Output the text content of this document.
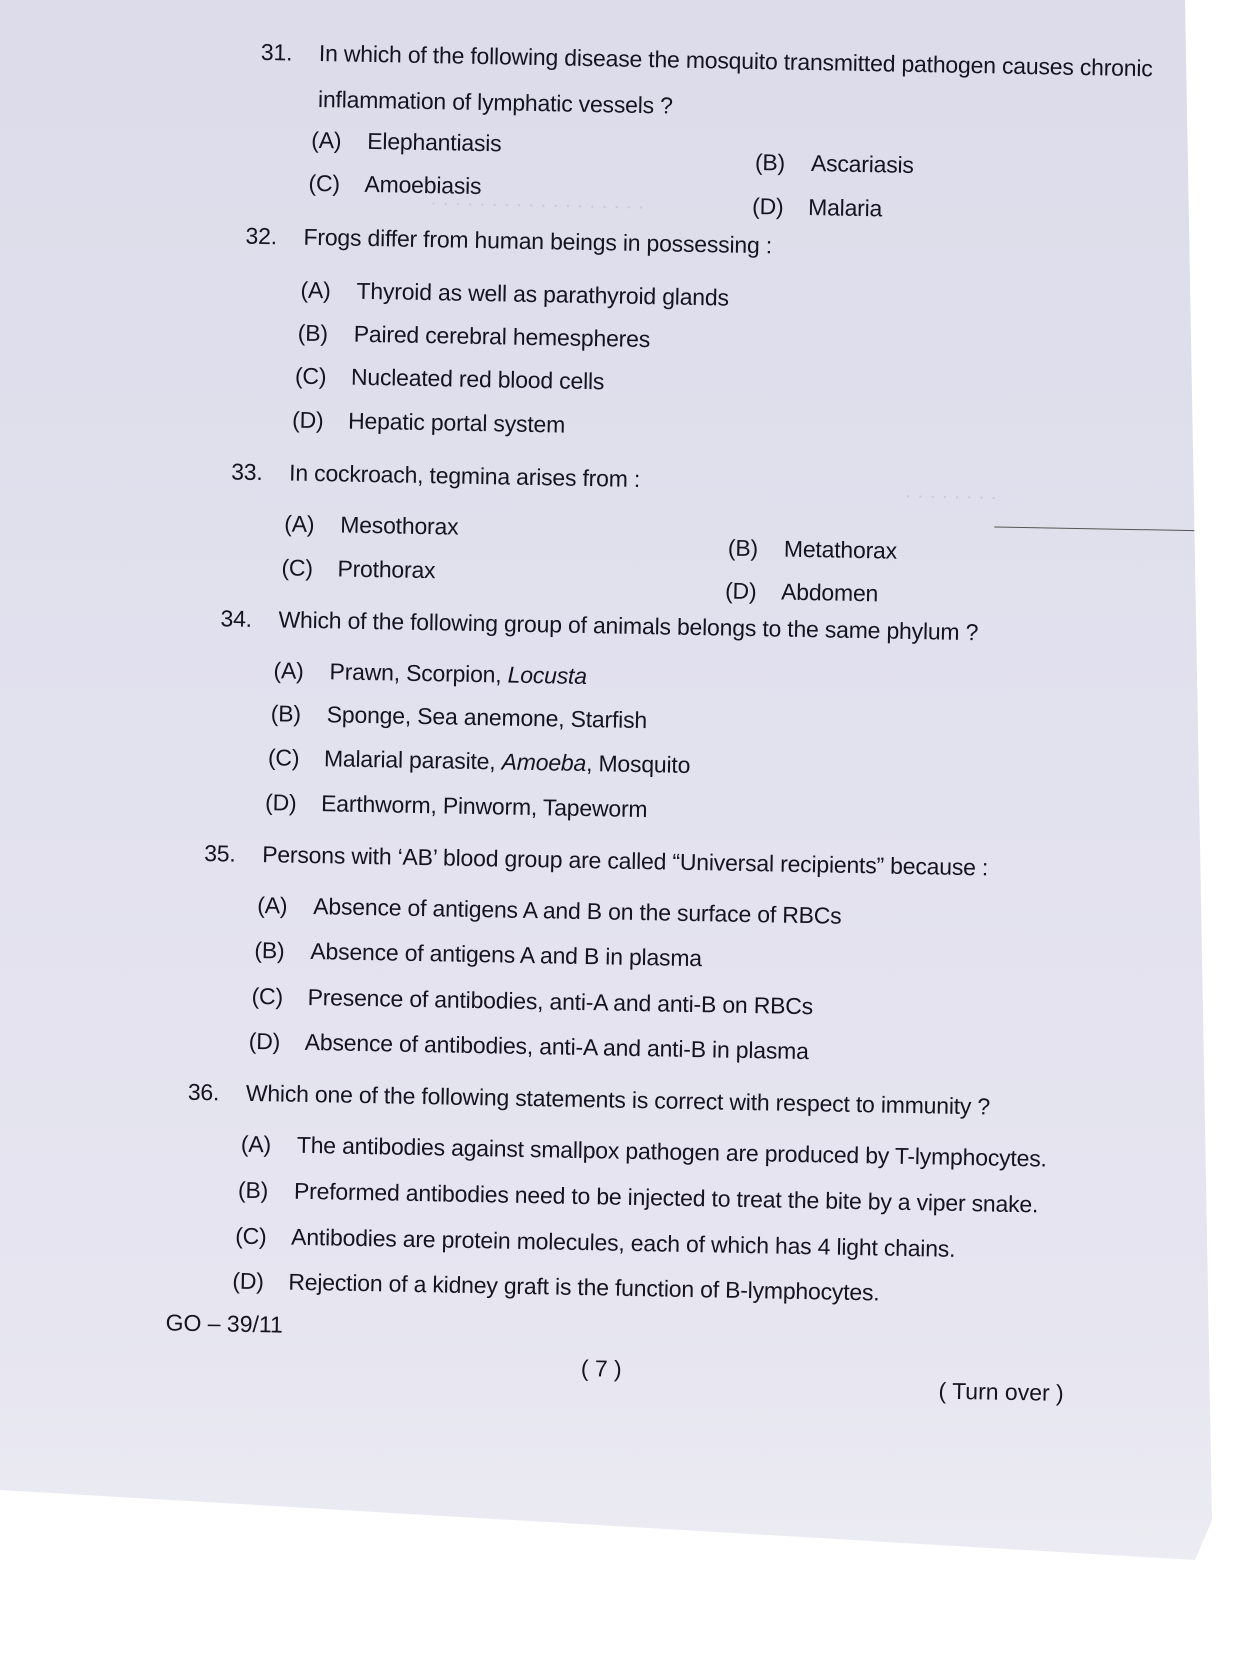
· · · · · · · · · · · · · · · · · ·
· · · · · · · ·
31.	In which of the following disease the mosquito transmitted pathogen causes chronic inflammation of lymphatic vessels ?
(A) Elephantiasis
(B) Ascariasis
(C) Amoebiasis
(D) Malaria
32.	Frogs differ from human beings in possessing :
(A) Thyroid as well as parathyroid glands
(B) Paired cerebral hemespheres
(C) Nucleated red blood cells
(D) Hepatic portal system
33.	In cockroach, tegmina arises from :
(A) Mesothorax
(B) Metathorax
(C) Prothorax
(D) Abdomen
34.	Which of the following group of animals belongs to the same phylum ?
(A) Prawn, Scorpion, Locusta
(B) Sponge, Sea anemone, Starfish
(C) Malarial parasite, Amoeba, Mosquito
(D) Earthworm, Pinworm, Tapeworm
35.	Persons with ‘AB’ blood group are called “Universal recipients” because :
(A) Absence of antigens A and B on the surface of RBCs
(B) Absence of antigens A and B in plasma
(C) Presence of antibodies, anti-A and anti-B on RBCs
(D) Absence of antibodies, anti-A and anti-B in plasma
36.	Which one of the following statements is correct with respect to immunity ?
(A) The antibodies against smallpox pathogen are produced by T-lymphocytes.
(B) Preformed antibodies need to be injected to treat the bite by a viper snake.
(C) Antibodies are protein molecules, each of which has 4 light chains.
(D) Rejection of a kidney graft is the function of B-lymphocytes.
GO – 39/11
( 7 )
( Turn over )
